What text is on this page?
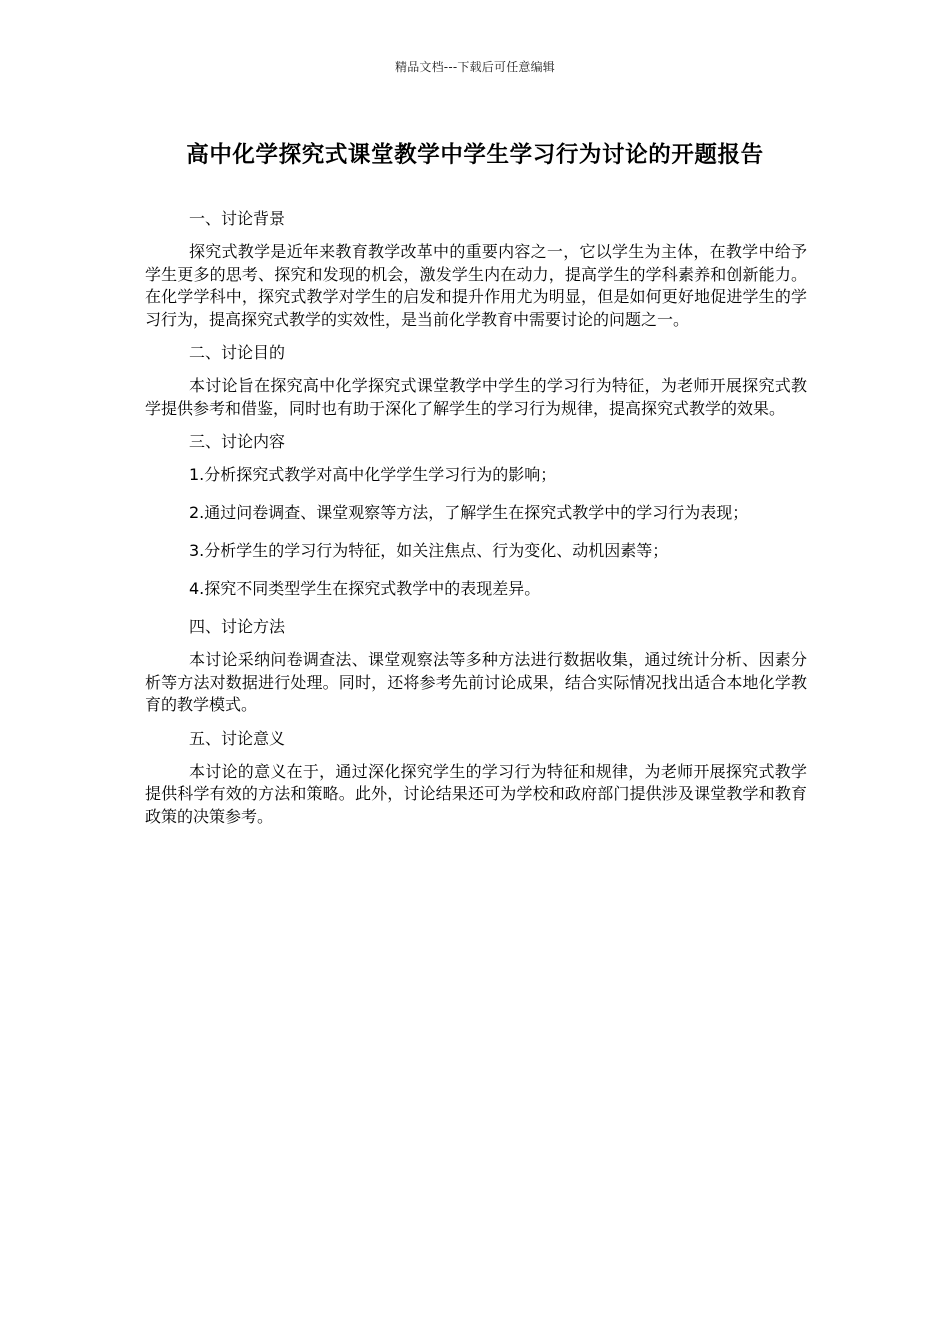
精品文档---下载后可任意编辑
高中化学探究式课堂教学中学生学习行为讨论的开题报告
一、讨论背景

探究式教学是近年来教育教学改革中的重要内容之一，它以学生为主体，在教学中给予学生更多的思考、探究和发现的机会，激发学生内在动力，提高学生的学科素养和创新能力。在化学学科中，探究式教学对学生的启发和提升作用尤为明显，但是如何更好地促进学生的学习行为，提高探究式教学的实效性，是当前化学教育中需要讨论的问题之一。

二、讨论目的

本讨论旨在探究高中化学探究式课堂教学中学生的学习行为特征，为老师开展探究式教学提供参考和借鉴，同时也有助于深化了解学生的学习行为规律，提高探究式教学的效果。

三、讨论内容
1.分析探究式教学对高中化学学生学习行为的影响；
2.通过问卷调查、课堂观察等方法，了解学生在探究式教学中的学习行为表现；
3.分析学生的学习行为特征，如关注焦点、行为变化、动机因素等；
4.探究不同类型学生在探究式教学中的表现差异。
四、讨论方法

本讨论采纳问卷调查法、课堂观察法等多种方法进行数据收集，通过统计分析、因素分析等方法对数据进行处理。同时，还将参考先前讨论成果，结合实际情况找出适合本地化学教育的教学模式。

五、讨论意义

本讨论的意义在于，通过深化探究学生的学习行为特征和规律，为老师开展探究式教学提供科学有效的方法和策略。此外，讨论结果还可为学校和政府部门提供涉及课堂教学和教育政策的决策参考。
